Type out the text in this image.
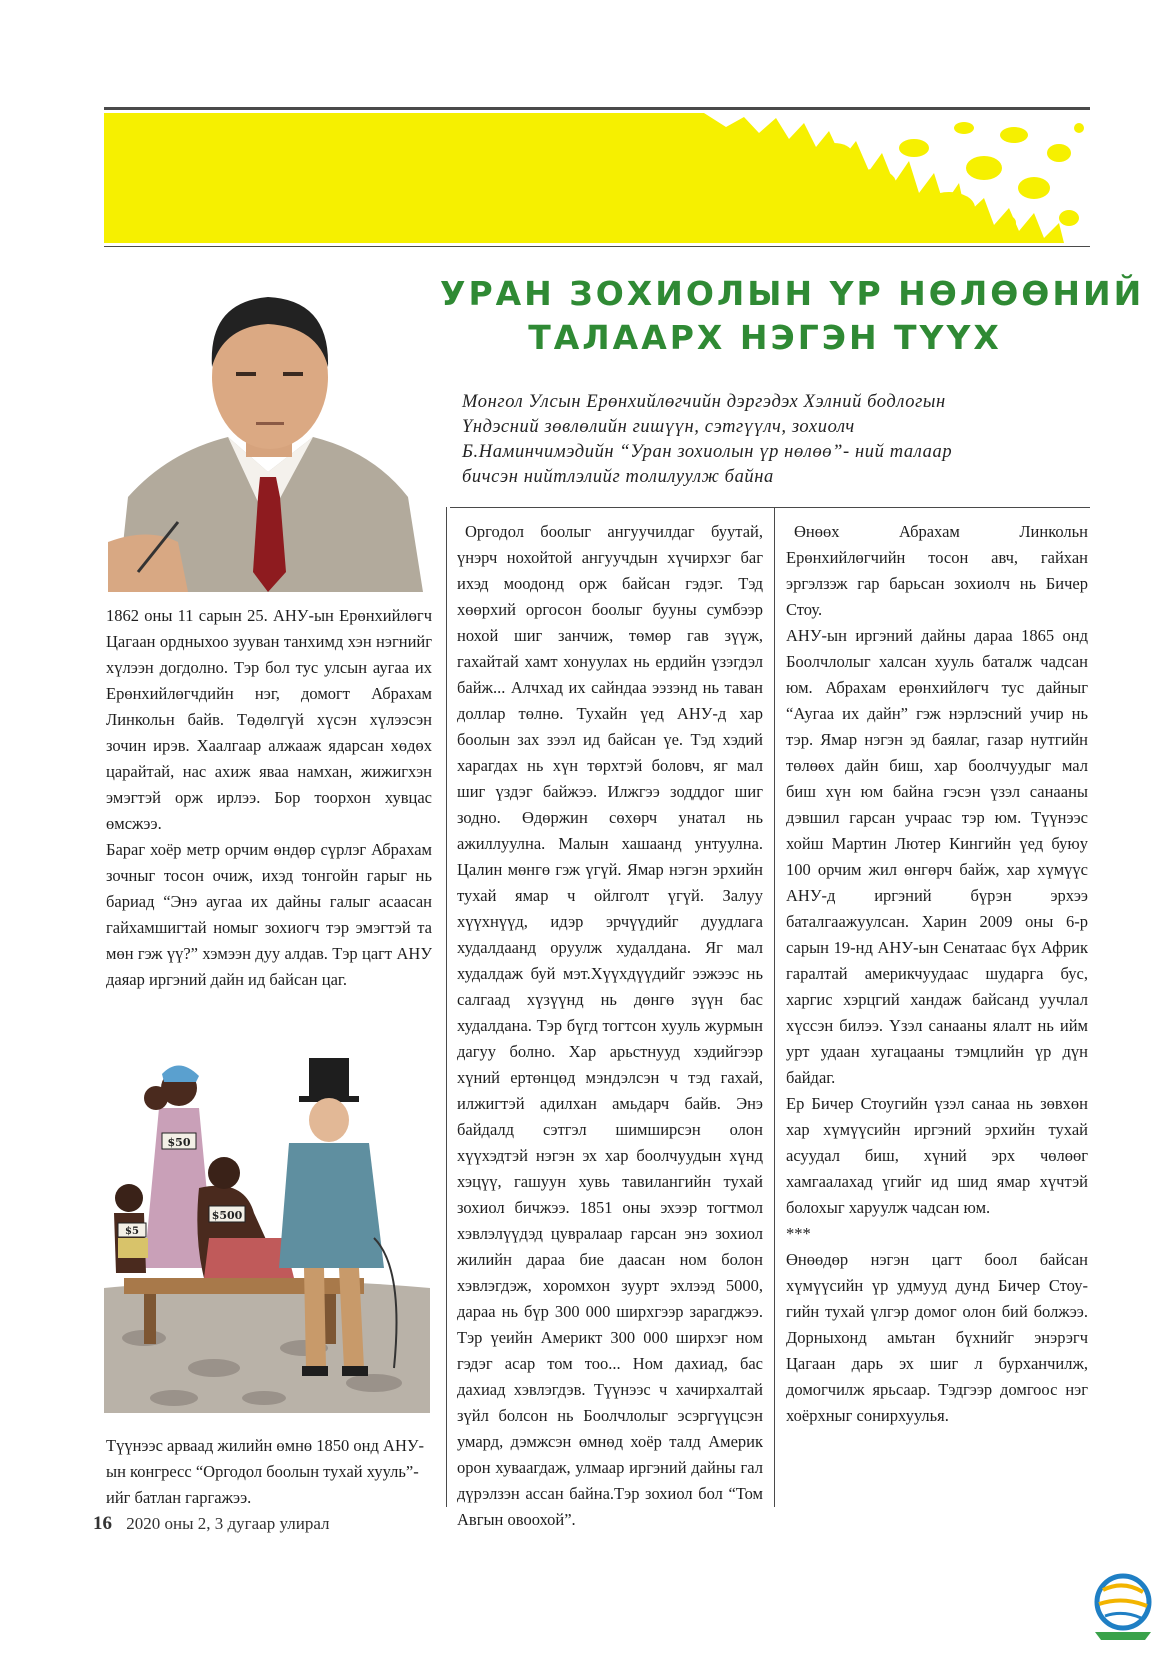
УРАН ЗОХИОЛЫН ҮР НӨЛӨӨНИЙ
ТАЛААРХ НЭГЭН ТҮҮХ
Монгол Улсын Ерөнхийлөгчийн дэргэдэх Хэлний бодлогын
Үндэсний зөвлөлийн гишүүн, сэтгүүлч, зохиолч
Б.Наминчимэдийн “Уран зохиолын үр нөлөө”- ний талаар
бичсэн нийтлэлийг толилуулж байна

1862 оны 11 сарын 25. АНУ-ын Ерөнхийлөгч Цагаан ордныхоо зууван танхимд хэн нэгнийг хүлээн догдолно. Тэр бол тус улсын аугаа их Ерөнхийлөгчдийн нэг, домогт Абрахам Линкольн байв. Төдөлгүй хүсэн хүлээсэн зочин ирэв. Хаалгаар алжааж ядарсан хөдөх царайтай, нас ахиж яваа намхан, жижигхэн эмэгтэй орж ирлээ. Бор тоорхон хувцас өмсжээ.

Бараг хоёр метр орчим өндөр сүрлэг Абрахам зочныг тосон очиж, ихэд тонгойн гарыг нь бариад “Энэ аугаа их дайны галыг асаасан гайхамшигтай номыг зохиогч тэр эмэгтэй та мөн гэж үү?” хэмээн дуу алдав. Тэр цагт АНУ даяар иргэний дайн ид байсан цаг.

$50
$5
$500

Түүнээс арваад жилийн өмнө 1850 онд АНУ-ын конгресс “Оргодол боолын тухай хууль”-ийг батлан гаргажээ.

Оргодол боолыг ангуучилдаг буутай, үнэрч нохойтой ангуучдын хүчирхэг баг ихэд моодонд орж байсан гэдэг. Тэд хөөрхий оргосон боолыг бууны сумбээр нохой шиг занчиж, төмөр гав зүүж, гахайтай хамт хонуулах нь ердийн үзэгдэл байж... Алчхад их сайндаа ээзэнд нь таван доллар төлнө. Тухайн үед АНУ-д хар боолын зах зээл ид байсан үе. Тэд хэдий харагдах нь хүн төрхтэй боловч, яг мал шиг үздэг байжээ. Илжгээ зодддог шиг зодно. Өдөржин сөхөрч унатал нь ажиллуулна. Малын хашаанд унтуулна. Цалин мөнгө гэж үгүй. Ямар нэгэн эрхийн тухай ямар ч ойлголт үгүй. Залуу хүүхнүүд, идэр эрчүүдийг дуудлага худалдаанд оруулж худалдана. Яг мал худалдаж буй мэт.Хүүхдүүдийг ээжээс нь салгаад хүзүүнд нь дөнгө зүүн бас худалдана. Тэр бүгд тогтсон хууль журмын дагуу болно. Хар арьстнууд хэдийгээр хүний ертөнцөд мэндэлсэн ч тэд гахай, илжигтэй адилхан амьдарч байв. Энэ байдалд сэтгэл шимширсэн олон хүүхэдтэй нэгэн эх хар боолчуудын хүнд хэцүү, гашуун хувь тавилангийн тухай зохиол бичжээ. 1851 оны эхээр тогтмол хэвлэлүүдэд цувралаар гарсан энэ зохиол жилийн дараа бие даасан ном болон хэвлэгдэж, хоромхон зуурт эхлээд 5000, дараа нь бүр 300 000 ширхгээр зарагджээ. Тэр үеийн Америкт 300 000 ширхэг ном гэдэг асар том тоо... Ном дахиад, бас дахиад хэвлэгдэв. Түүнээс ч хачирхалтай зүйл болсон нь Боолчлолыг эсэргүүцсэн умард, дэмжсэн өмнөд хоёр талд Америк орон хуваагдаж, улмаар иргэний дайны гал дүрэлзэн ассан байна.Тэр зохиол бол “Том Авгын овоохой”.

Өнөөх Абрахам Линкольн Ерөнхийлөгчийн тосон авч, гайхан эргэлзэж гар барьсан зохиолч нь Бичер Стоу.

АНУ-ын иргэний дайны дараа 1865 онд Боолчлолыг халсан хууль баталж чадсан юм. Абрахам ерөнхийлөгч тус дайныг “Аугаа их дайн” гэж нэрлэсний учир нь тэр. Ямар нэгэн эд баялаг, газар нутгийн төлөөх дайн биш, хар боолчуудыг мал биш хүн юм байна гэсэн үзэл санааны дэвшил гарсан учраас тэр юм. Түүнээс хойш Мартин Лютер Кингийн үед буюу 100 орчим жил өнгөрч байж, хар хүмүүс АНУ-д иргэний бүрэн эрхээ баталгаажуулсан. Харин 2009 оны 6-р сарын 19-нд АНУ-ын Сенатаас бүх Африк гаралтай америкчуудаас шударга бус, харгис хэрцгий хандаж байсанд уучлал хүссэн билээ. Үзэл санааны ялалт нь ийм урт удаан хугацааны тэмцлийн үр дүн байдаг.

Ер Бичер Стоугийн үзэл санаа нь зөвхөн хар хүмүүсийн иргэний эрхийн тухай асуудал биш, хүний эрх чөлөөг хамгаалахад үгийг ид шид ямар хүчтэй болохыг харуулж чадсан юм.

***

Өнөөдөр нэгэн цагт боол байсан хүмүүсийн үр удмууд дунд Бичер Стоу-гийн тухай үлгэр домог олон бий болжээ. Дорныхонд амьтан бүхнийг энэрэгч Цагаан дарь эх шиг л бурханчилж, домогчилж ярьсаар. Тэдгээр домгоос нэг хоёрхныг сонирхуулья.

16 2020 оны 2, 3 дугаар улирал
